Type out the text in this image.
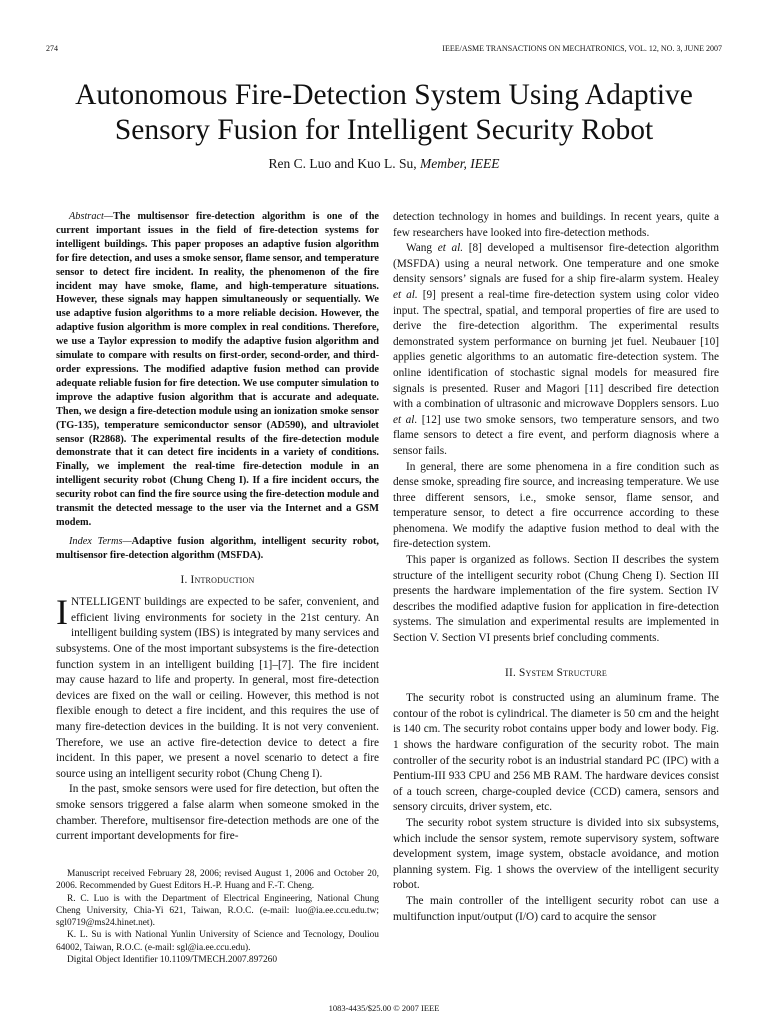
274	IEEE/ASME TRANSACTIONS ON MECHATRONICS, VOL. 12, NO. 3, JUNE 2007
Autonomous Fire-Detection System Using Adaptive
Sensory Fusion for Intelligent Security Robot
Ren C. Luo and Kuo L. Su, Member, IEEE

Abstract—The multisensor fire-detection algorithm is one of the current important issues in the field of fire-detection systems for intelligent buildings. This paper proposes an adaptive fusion algorithm for fire detection, and uses a smoke sensor, flame sensor, and temperature sensor to detect fire incident. In reality, the phenomenon of the fire incident may have smoke, flame, and high-temperature situations. However, these signals may happen simultaneously or sequentially. We use adaptive fusion algorithms to a more reliable decision. However, the adaptive fusion algorithm is more complex in real conditions. Therefore, we use a Taylor expression to modify the adaptive fusion algorithm and simulate to compare with results on first-order, second-order, and third-order expressions. The modified adaptive fusion method can provide adequate reliable fusion for fire detection. We use computer simulation to improve the adaptive fusion algorithm that is accurate and adequate. Then, we design a fire-detection module using an ionization smoke sensor (TG-135), temperature semiconductor sensor (AD590), and ultraviolet sensor (R2868). The experimental results of the fire-detection module demonstrate that it can detect fire incidents in a variety of conditions. Finally, we implement the real-time fire-detection module in an intelligent security robot (Chung Cheng I). If a fire incident occurs, the security robot can find the fire source using the fire-detection module and transmit the detected message to the user via the Internet and a GSM modem.

Index Terms—Adaptive fusion algorithm, intelligent security robot, multisensor fire-detection algorithm (MSFDA).

I. Introduction

INTELLIGENT buildings are expected to be safer, convenient, and efficient living environments for society in the 21st century. An intelligent building system (IBS) is integrated by many services and subsystems. One of the most important subsystems is the fire-detection function system in an intelligent building [1]–[7]. The fire incident may cause hazard to life and property. In general, most fire-detection devices are fixed on the wall or ceiling. However, this method is not flexible enough to detect a fire incident, and this requires the use of many fire-detection devices in the building. It is not very convenient. Therefore, we use an active fire-detection device to detect a fire incident. In this paper, we present a novel scenario to detect a fire source using an intelligent security robot (Chung Cheng I).

In the past, smoke sensors were used for fire detection, but often the smoke sensors triggered a false alarm when someone smoked in the chamber. Therefore, multisensor fire-detection methods are one of the current important developments for fire-

Manuscript received February 28, 2006; revised August 1, 2006 and October 20, 2006. Recommended by Guest Editors H.-P. Huang and F.-T. Cheng.

R. C. Luo is with the Department of Electrical Engineering, National Chung Cheng University, Chia-Yi 621, Taiwan, R.O.C. (e-mail: luo@ia.ee.ccu.edu.tw; sgl0719@ms24.hinet.net).

K. L. Su is with National Yunlin University of Science and Tecnology, Douliou 64002, Taiwan, R.O.C. (e-mail: sgl@ia.ee.ccu.edu).

Digital Object Identifier 10.1109/TMECH.2007.897260

detection technology in homes and buildings. In recent years, quite a few researchers have looked into fire-detection methods.

Wang et al. [8] developed a multisensor fire-detection algorithm (MSFDA) using a neural network. One temperature and one smoke density sensors’ signals are fused for a ship fire-alarm system. Healey et al. [9] present a real-time fire-detection system using color video input. The spectral, spatial, and temporal properties of fire are used to derive the fire-detection algorithm. The experimental results demonstrated system performance on burning jet fuel. Neubauer [10] applies genetic algorithms to an automatic fire-detection system. The online identification of stochastic signal models for measured fire signals is presented. Ruser and Magori [11] described fire detection with a combination of ultrasonic and microwave Dopplers sensors. Luo et al. [12] use two smoke sensors, two temperature sensors, and two flame sensors to detect a fire event, and perform diagnosis where a sensor fails.

In general, there are some phenomena in a fire condition such as dense smoke, spreading fire source, and increasing temperature. We use three different sensors, i.e., smoke sensor, flame sensor, and temperature sensor, to detect a fire occurrence according to these phenomena. We modify the adaptive fusion method to deal with the fire-detection system.

This paper is organized as follows. Section II describes the system structure of the intelligent security robot (Chung Cheng I). Section III presents the hardware implementation of the fire system. Section IV describes the modified adaptive fusion for application in fire-detection systems. The simulation and experimental results are implemented in Section V. Section VI presents brief concluding comments.

II. System Structure

The security robot is constructed using an aluminum frame. The contour of the robot is cylindrical. The diameter is 50 cm and the height is 140 cm. The security robot contains upper body and lower body. Fig. 1 shows the hardware configuration of the security robot. The main controller of the security robot is an industrial standard PC (IPC) with a Pentium-III 933 CPU and 256 MB RAM. The hardware devices consist of a touch screen, charge-coupled device (CCD) camera, sensors and sensory circuits, driver system, etc.

The security robot system structure is divided into six subsystems, which include the sensor system, remote supervisory system, software development system, image system, obstacle avoidance, and motion planning system. Fig. 1 shows the overview of the intelligent security robot.

The main controller of the intelligent security robot can use a multifunction input/output (I/O) card to acquire the sensor

1083-4435/$25.00 © 2007 IEEE
